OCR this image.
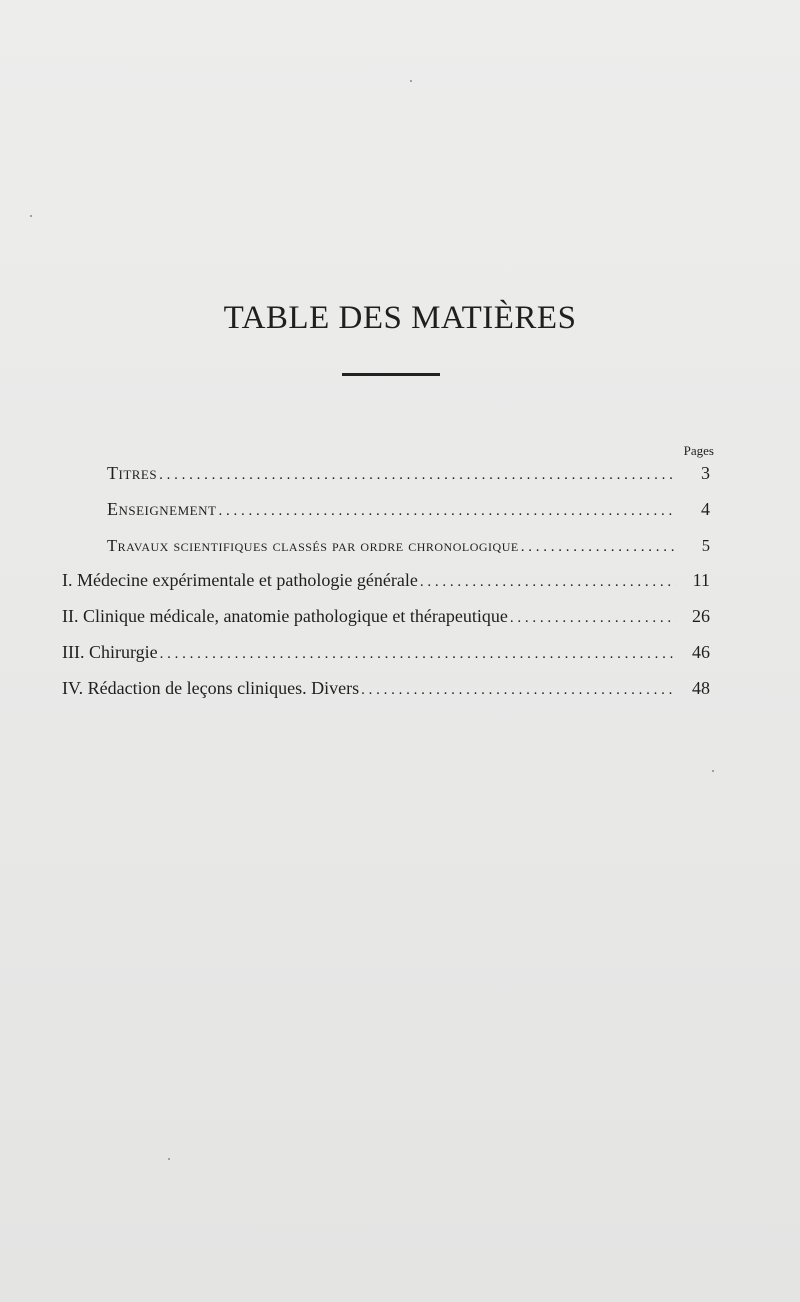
TABLE DES MATIÈRES
Pages
Titres . . .	3
Enseignement . . .	4
Travaux scientifiques classés par ordre chronologique . . .	5
I. Médecine expérimentale et pathologie générale . . .	11
II. Clinique médicale, anatomie pathologique et thérapeutique . . .	26
III. Chirurgie . . .	46
IV. Rédaction de leçons cliniques. Divers . . .	48
